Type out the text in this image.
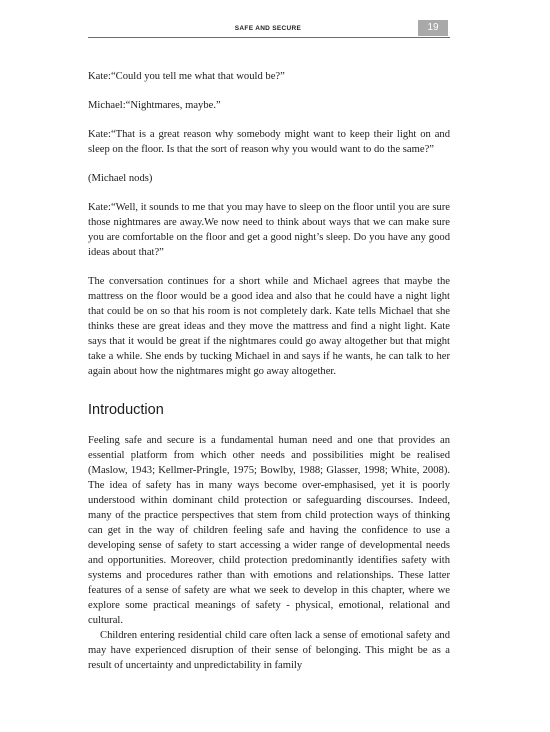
SAFE AND SECURE	19

Kate:“Could you tell me what that would be?”

Michael:“Nightmares, maybe.”

Kate:“That is a great reason why somebody might want to keep their light on and sleep on the floor. Is that the sort of reason why you would want to do the same?”

(Michael nods)

Kate:“Well, it sounds to me that you may have to sleep on the floor until you are sure those nightmares are away.We now need to think about ways that we can make sure you are comfortable on the floor and get a good night’s sleep. Do you have any good ideas about that?”

The conversation continues for a short while and Michael agrees that maybe the mattress on the floor would be a good idea and also that he could have a night light that could be on so that his room is not completely dark. Kate tells Michael that she thinks these are great ideas and they move the mattress and find a night light. Kate says that it would be great if the nightmares could go away altogether but that might take a while. She ends by tucking Michael in and says if he wants, he can talk to her again about how the nightmares might go away altogether.

Introduction

Feeling safe and secure is a fundamental human need and one that provides an essential platform from which other needs and possibilities might be realised (Maslow, 1943; Kellmer-Pringle, 1975; Bowlby, 1988; Glasser, 1998; White, 2008). The idea of safety has in many ways become over-emphasised, yet it is poorly understood within dominant child protection or safeguarding discourses. Indeed, many of the practice perspectives that stem from child protection ways of thinking can get in the way of children feeling safe and having the confidence to use a developing sense of safety to start accessing a wider range of developmental needs and opportunities. Moreover, child protection predominantly identifies safety with systems and procedures rather than with emotions and relationships. These latter features of a sense of safety are what we seek to develop in this chapter, where we explore some practical meanings of safety - physical, emotional, relational and cultural.

Children entering residential child care often lack a sense of emotional safety and may have experienced disruption of their sense of belonging. This might be as a result of uncertainty and unpredictability in family
